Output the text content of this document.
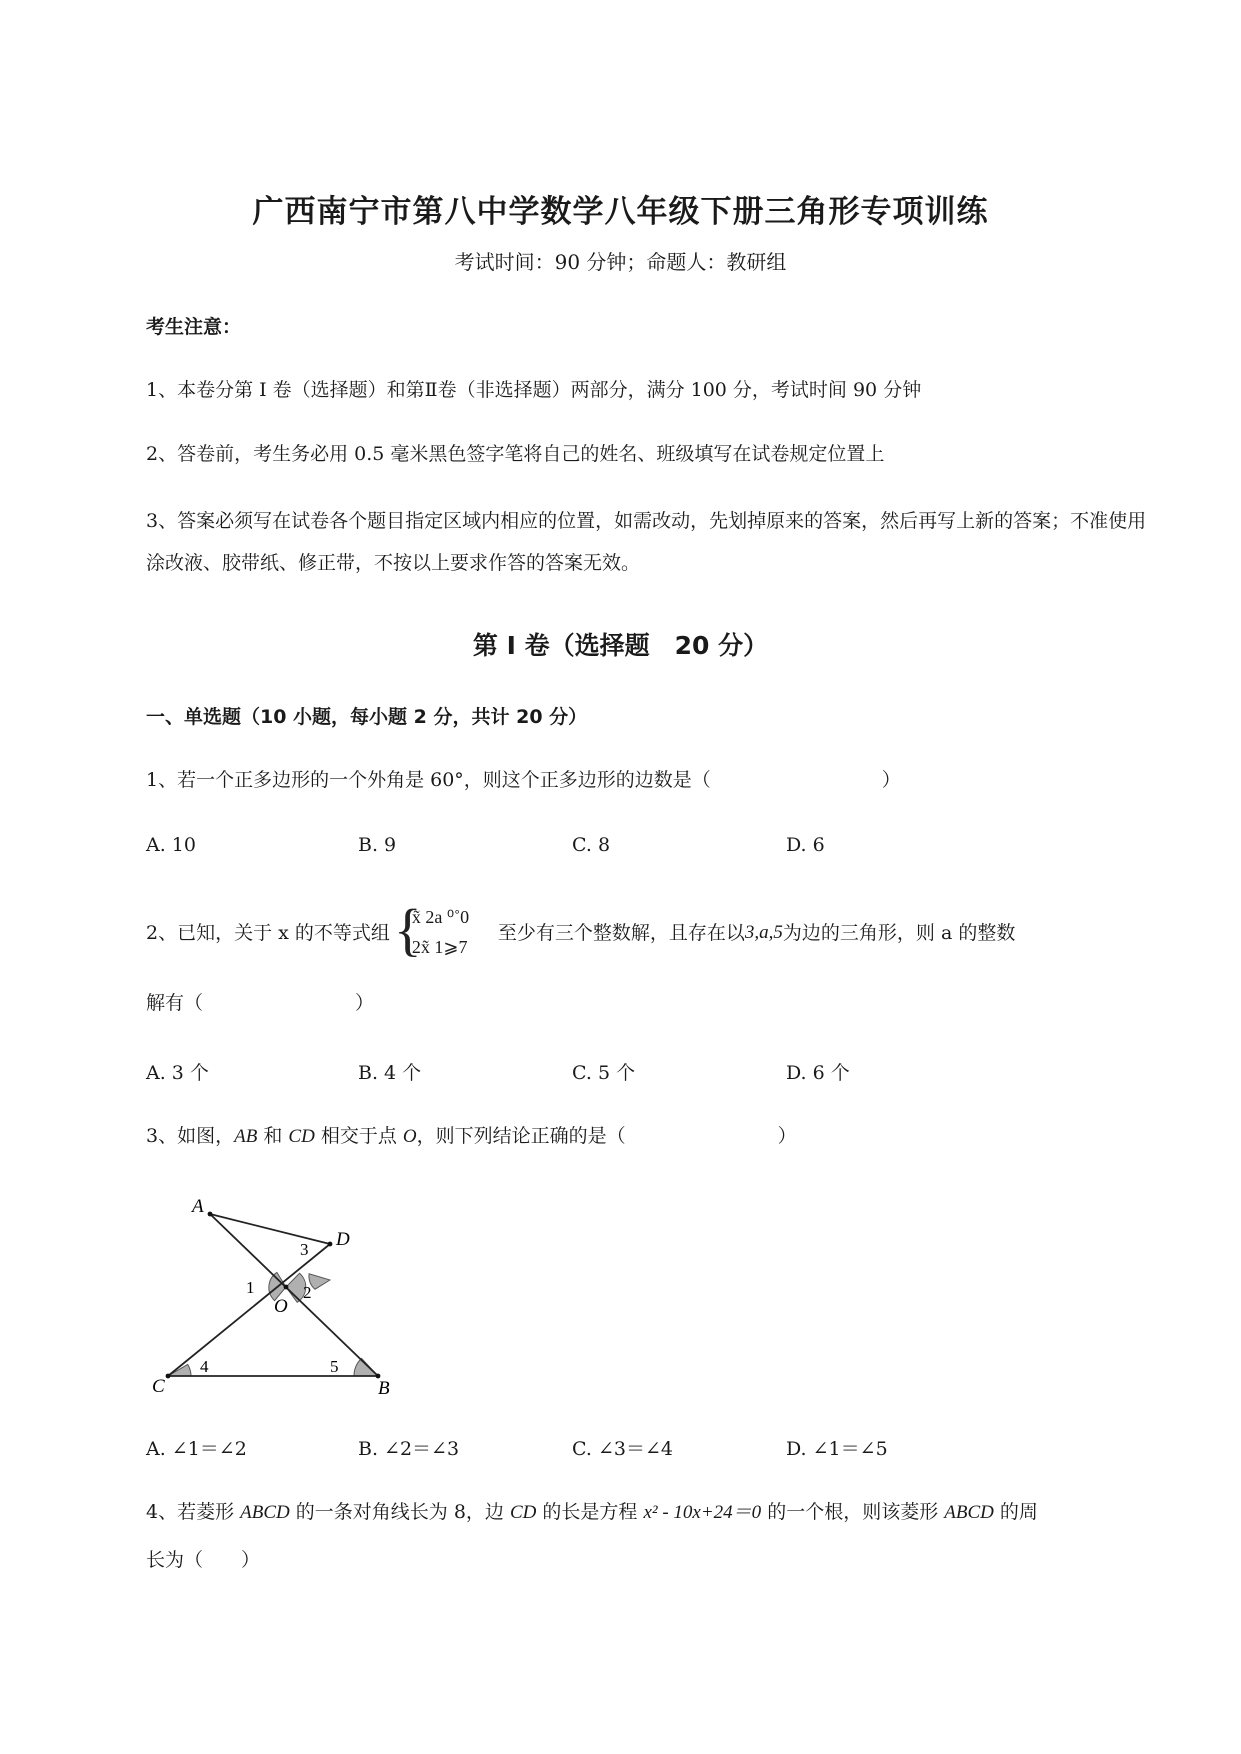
广西南宁市第八中学数学八年级下册三角形专项训练
考试时间：90 分钟；命题人：教研组
考生注意：
1、本卷分第 I 卷（选择题）和第Ⅱ卷（非选择题）两部分，满分 100 分，考试时间 90 分钟
2、答卷前，考生务必用 0.5 毫米黑色签字笔将自己的姓名、班级填写在试卷规定位置上
3、答案必须写在试卷各个题目指定区域内相应的位置，如需改动，先划掉原来的答案，然后再写上新的答案；不准使用涂改液、胶带纸、修正带，不按以上要求作答的答案无效。
第 I 卷（选择题　20 分）
一、单选题（10 小题，每小题 2 分，共计 20 分）
1、若一个正多边形的一个外角是 60°，则这个正多边形的边数是（　　　　　　　　　）
A. 10	B. 9	C. 8	D. 6
2、已知，关于 x 的不等式组 {
x̃ 2a ⁰˚0
2x̃ 1⩾7
至少有三个整数解，且存在以 3,a,5 为边的三角形，则 a 的整数
解有（　　　　　　　　）
A. 3 个	B. 4 个	C. 5 个	D. 6 个
3、如图，AB 和 CD 相交于点 O，则下列结论正确的是（　　　　　　　　）
A
D
3
1
O
2
C
4	5
B
A. ∠1＝∠2	B. ∠2＝∠3	C. ∠3＝∠4	D. ∠1＝∠5
4、若菱形 ABCD 的一条对角线长为 8，边 CD 的长是方程 x² - 10x+24＝0 的一个根，则该菱形 ABCD 的周
长为（　　）
